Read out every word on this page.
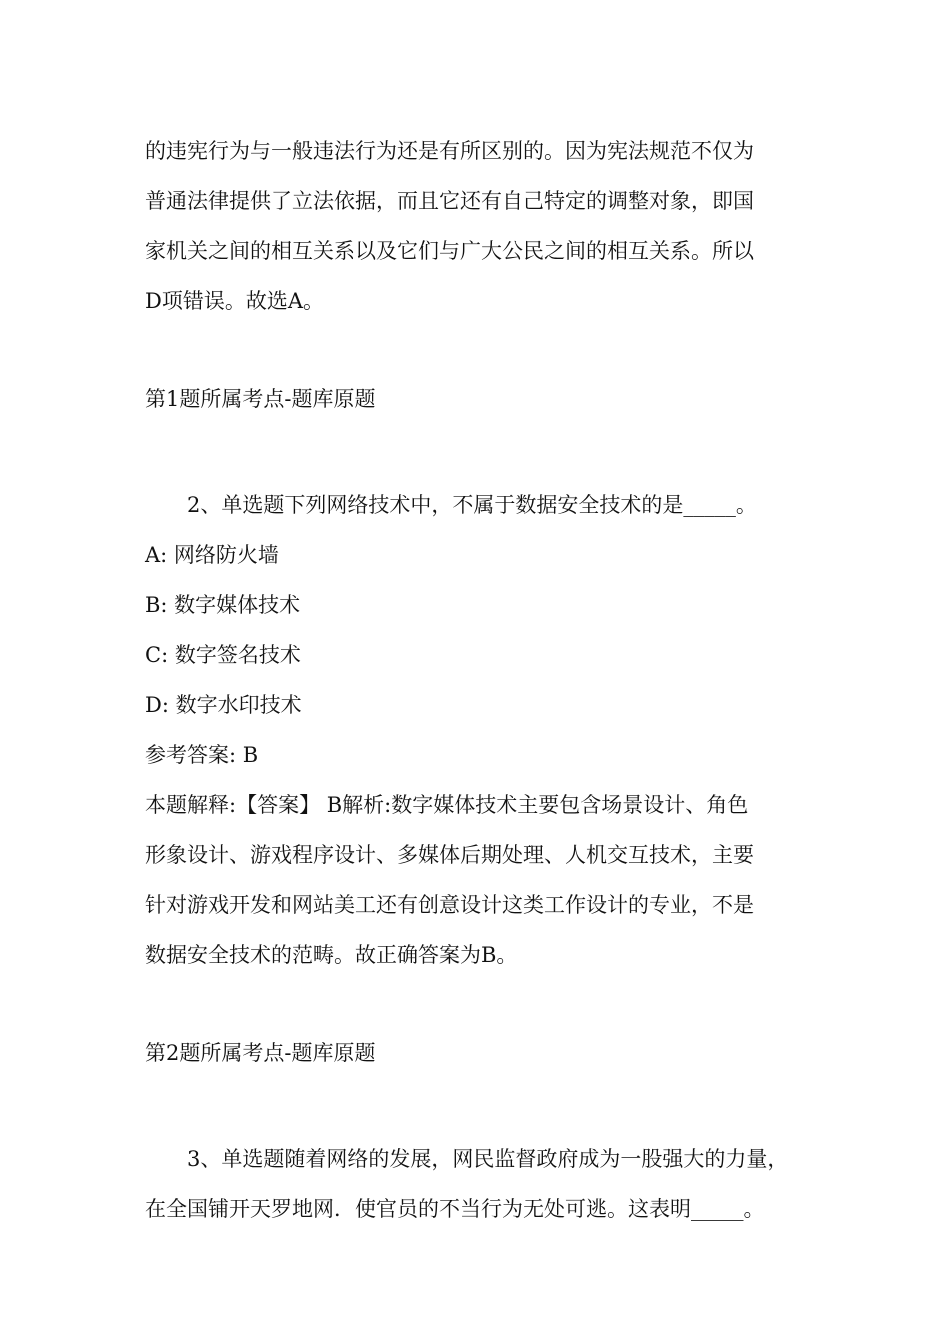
的违宪行为与一般违法行为还是有所区别的。因为宪法规范不仅为

普通法律提供了立法依据，而且它还有自己特定的调整对象，即国

家机关之间的相互关系以及它们与广大公民之间的相互关系。所以

D项错误。故选A。

第1题所属考点-题库原题

2、单选题下列网络技术中，不属于数据安全技术的是_____。

A: 网络防火墙

B: 数字媒体技术

C: 数字签名技术

D: 数字水印技术

参考答案: B

本题解释:【答案】 B解析:数字媒体技术主要包含场景设计、角色

形象设计、游戏程序设计、多媒体后期处理、人机交互技术，主要

针对游戏开发和网站美工还有创意设计这类工作设计的专业，不是

数据安全技术的范畴。故正确答案为B。

第2题所属考点-题库原题

3、单选题随着网络的发展，网民监督政府成为一股强大的力量，

在全国铺开天罗地网．使官员的不当行为无处可逃。这表明_____。
